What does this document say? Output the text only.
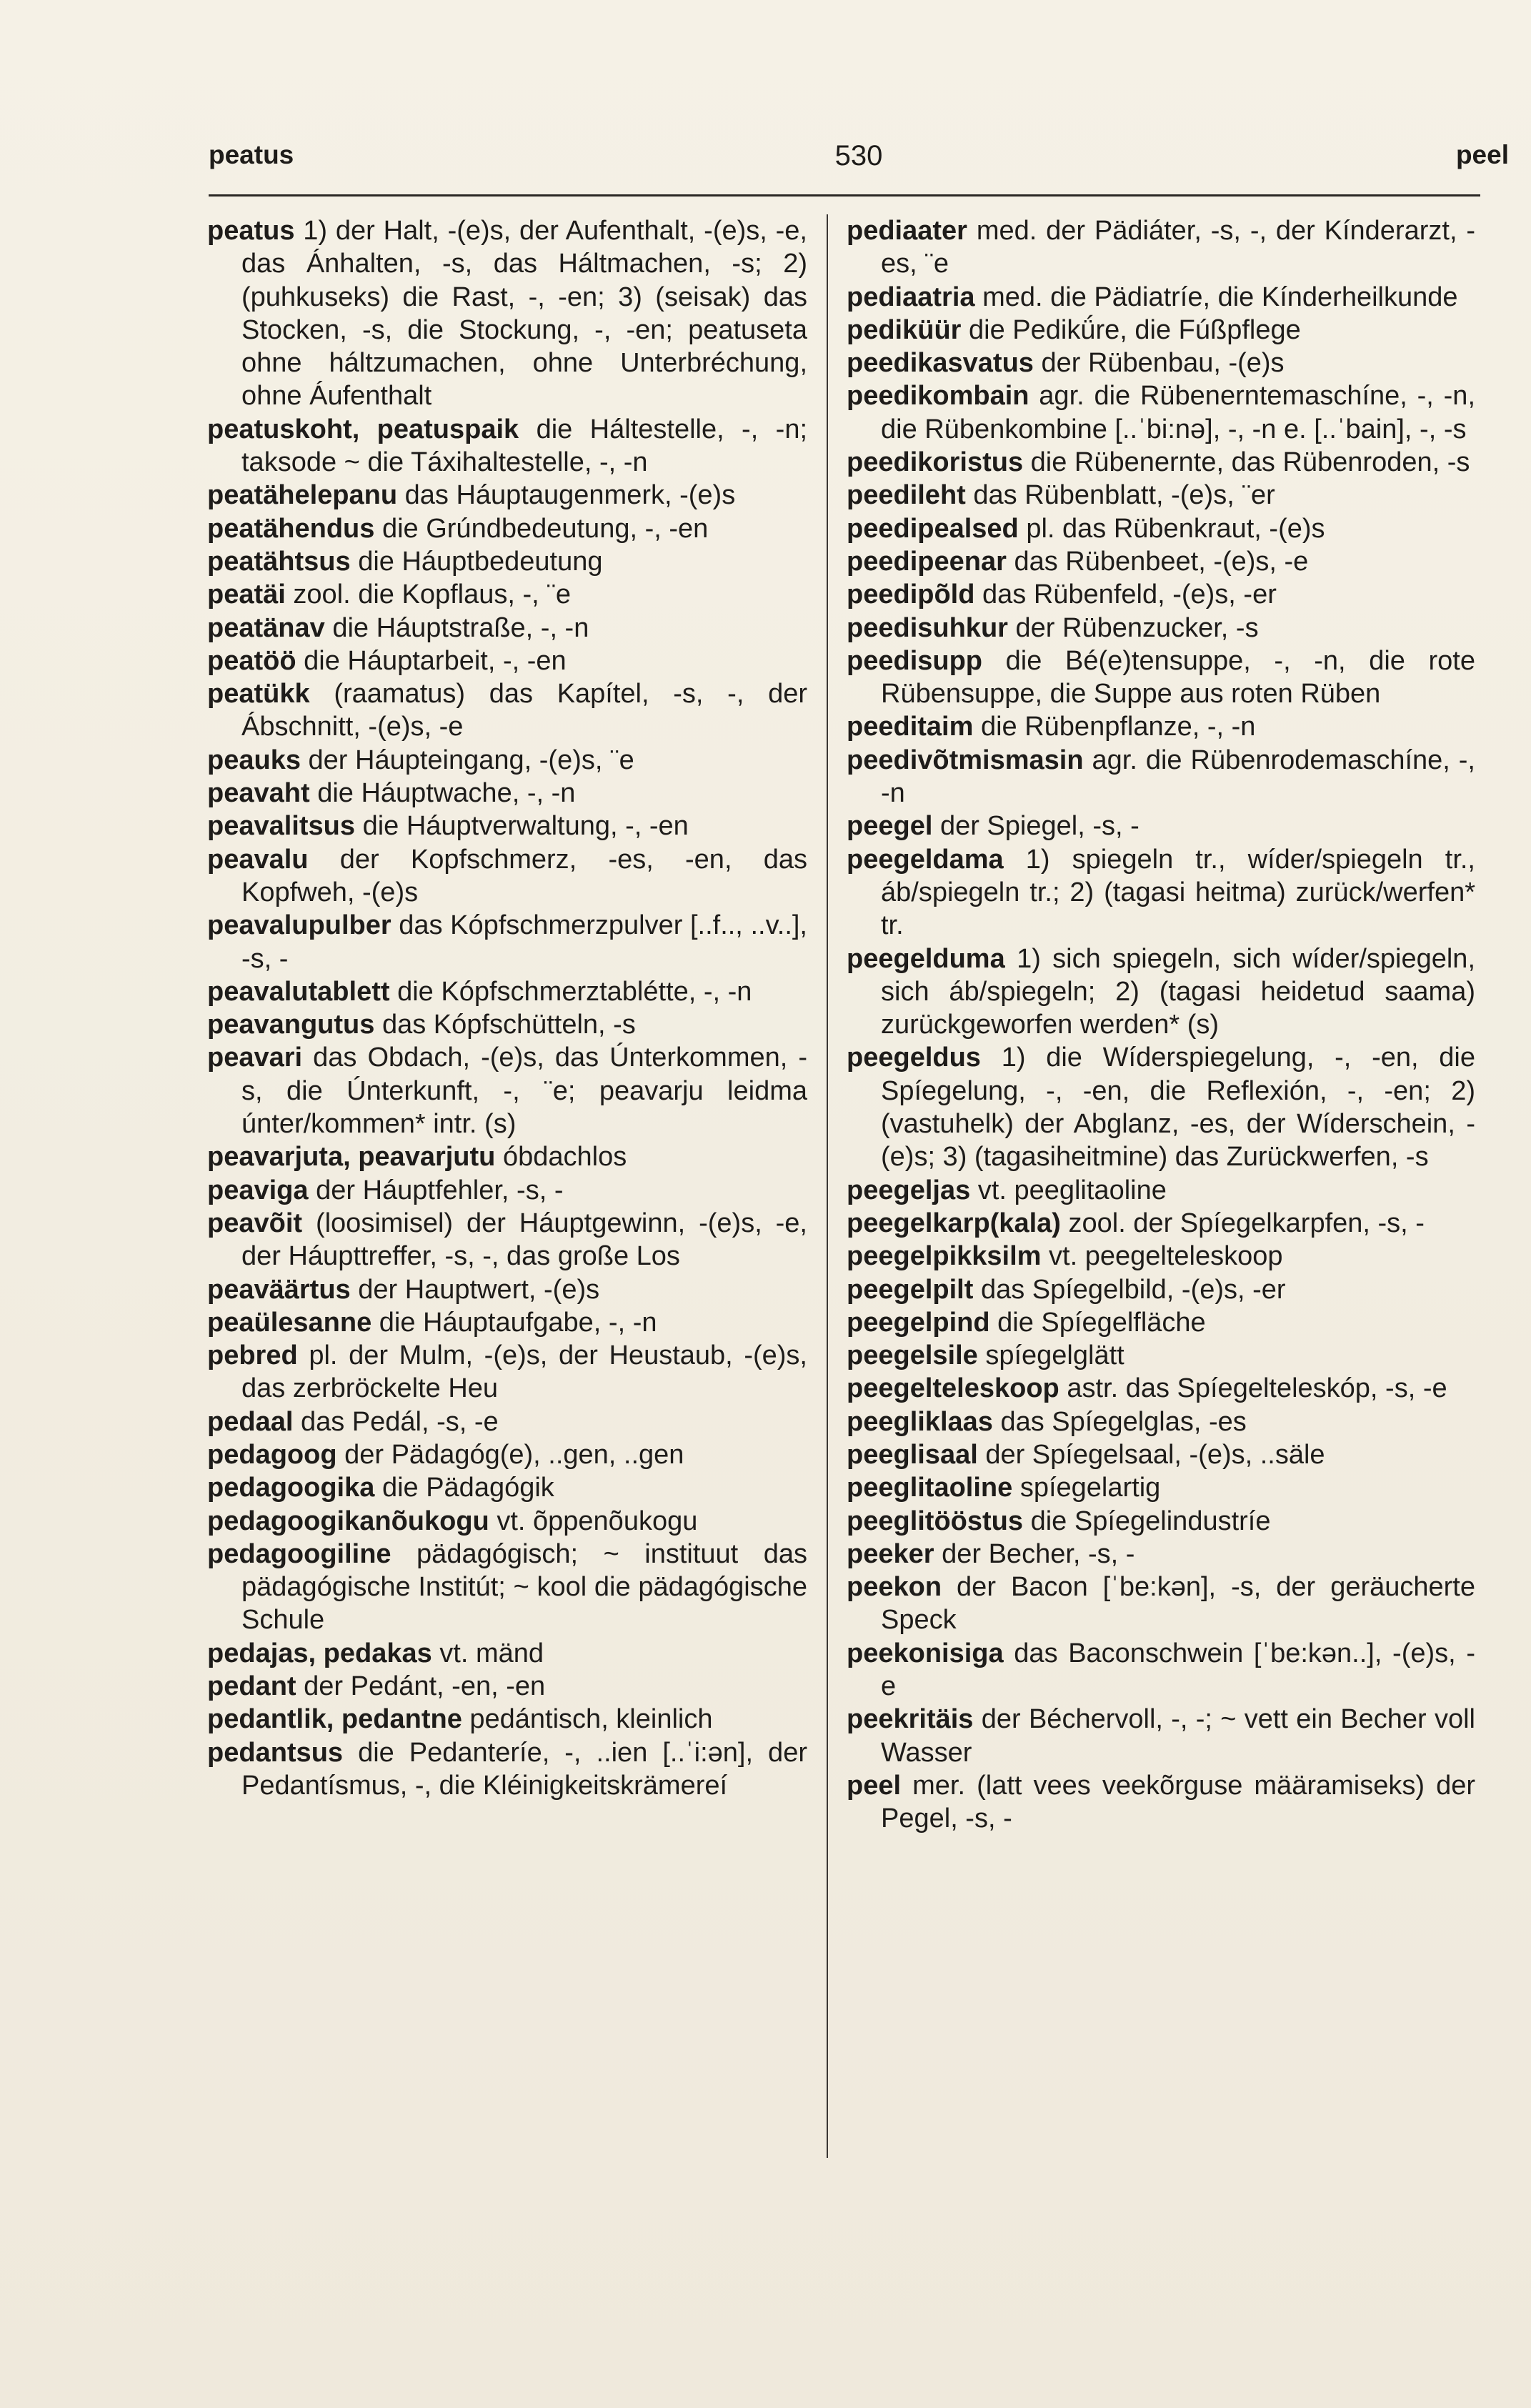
peatus	530	peel

peatus 1) der Halt, -(e)s, der Aufenthalt, -(e)s, -e, das Ánhalten, -s, das Háltmachen, -s; 2) (puhkuseks) die Rast, -, -en; 3) (seisak) das Stocken, -s, die Stockung, -, -en; peatuseta ohne háltzumachen, ohne Unterbréchung, ohne Áufenthalt

peatuskoht, peatuspaik die Háltestelle, -, -n; taksode ~ die Táxihaltestelle, -, -n

peatähelepanu das Háuptaugenmerk, -(e)s

peatähendus die Grúndbedeutung, -, -en

peatähtsus die Háuptbedeutung

peatäi zool. die Kopflaus, -, ¨e

peatänav die Háuptstraße, -, -n

peatöö die Háuptarbeit, -, -en

peatükk (raamatus) das Kapítel, -s, -, der Ábschnitt, -(e)s, -e

peauks der Háupteingang, -(e)s, ¨e

peavaht die Háuptwache, -, -n

peavalitsus die Háuptverwaltung, -, -en

peavalu der Kopfschmerz, -es, -en, das Kopfweh, -(e)s

peavalupulber das Kópfschmerzpulver [..f.., ..v..], -s, -

peavalutablett die Kópfschmerztablétte, -, -n

peavangutus das Kópfschütteln, -s

peavari das Obdach, -(e)s, das Únterkommen, -s, die Únterkunft, -, ¨e; peavarju leidma únter/kommen* intr. (s)

peavarjuta, peavarjutu óbdachlos

peaviga der Háuptfehler, -s, -

peavõit (loosimisel) der Háuptgewinn, -(e)s, -e, der Háupttreffer, -s, -, das große Los

peaväärtus der Hauptwert, -(e)s

peaülesanne die Háuptaufgabe, -, -n

pebred pl. der Mulm, -(e)s, der Heustaub, -(e)s, das zerbröckelte Heu

pedaal das Pedál, -s, -e

pedagoog der Pädagóg(e), ..gen, ..gen

pedagoogika die Pädagógik

pedagoogikanõukogu vt. õppenõukogu

pedagoogiline pädagógisch; ~ instituut das pädagógische Institút; ~ kool die pädagógische Schule

pedajas, pedakas vt. mänd

pedant der Pedánt, -en, -en

pedantlik, pedantne pedántisch, kleinlich

pedantsus die Pedanteríe, -, ..ien [..ˈi:ən], der Pedantísmus, -, die Kléinigkeitskrämereí

pediaater med. der Pädiáter, -s, -, der Kínderarzt, -es, ¨e

pediaatria med. die Pädiatríe, die Kínderheilkunde

pediküür die Pedikǘre, die Fúßpflege

peedikasvatus der Rübenbau, -(e)s

peedikombain agr. die Rübenerntemaschíne, -, -n, die Rübenkombine [..ˈbi:nə], -, -n e. [..ˈbain], -, -s

peedikoristus die Rübenernte, das Rübenroden, -s

peedileht das Rübenblatt, -(e)s, ¨er

peedipealsed pl. das Rübenkraut, -(e)s

peedipeenar das Rübenbeet, -(e)s, -e

peedipõld das Rübenfeld, -(e)s, -er

peedisuhkur der Rübenzucker, -s

peedisupp die Bé(e)tensuppe, -, -n, die rote Rübensuppe, die Suppe aus roten Rüben

peeditaim die Rübenpflanze, -, -n

peedivõtmismasin agr. die Rübenrodemaschíne, -, -n

peegel der Spiegel, -s, -

peegeldama 1) spiegeln tr., wíder/spiegeln tr., áb/spiegeln tr.; 2) (tagasi heitma) zurück/werfen* tr.

peegelduma 1) sich spiegeln, sich wíder/spiegeln, sich áb/spiegeln; 2) (tagasi heidetud saama) zurückgeworfen werden* (s)

peegeldus 1) die Wíderspiegelung, -, -en, die Spíegelung, -, -en, die Reflexión, -, -en; 2) (vastuhelk) der Abglanz, -es, der Wíderschein, -(e)s; 3) (tagasiheitmine) das Zurückwerfen, -s

peegeljas vt. peeglitaoline

peegelkarp(kala) zool. der Spíegelkarpfen, -s, -

peegelpikksilm vt. peegelteleskoop

peegelpilt das Spíegelbild, -(e)s, -er

peegelpind die Spíegelfläche

peegelsile spíegelglätt

peegelteleskoop astr. das Spíegelteleskóp, -s, -e

peegliklaas das Spíegelglas, -es

peeglisaal der Spíegelsaal, -(e)s, ..säle

peeglitaoline spíegelartig

peeglitööstus die Spíegelindustríe

peeker der Becher, -s, -

peekon der Bacon [ˈbe:kən], -s, der geräucherte Speck

peekonisiga das Baconschwein [ˈbe:kən..], -(e)s, -e

peekritäis der Béchervoll, -, -; ~ vett ein Becher voll Wasser

peel mer. (latt vees veekõrguse määramiseks) der Pegel, -s, -
